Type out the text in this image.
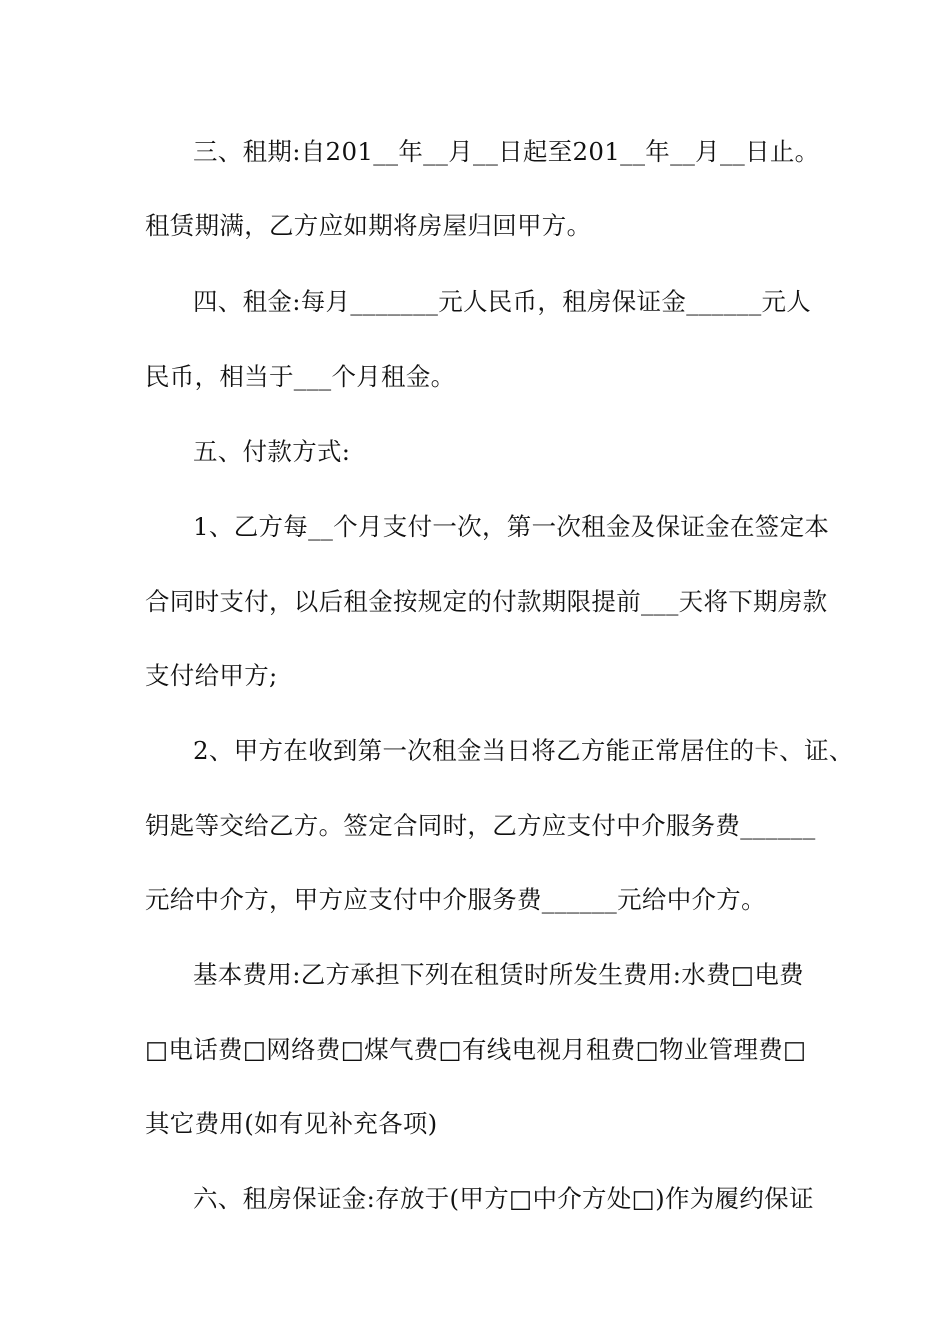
三、租期:自201__年__月__日起至201__年__月__日止。
租赁期满，乙方应如期将房屋归回甲方。
四、租金:每月_______元人民币，租房保证金______元人
民币，相当于___个月租金。
五、付款方式:
1、乙方每__个月支付一次，第一次租金及保证金在签定本
合同时支付，以后租金按规定的付款期限提前___天将下期房款
支付给甲方;
2、甲方在收到第一次租金当日将乙方能正常居住的卡、证、
钥匙等交给乙方。签定合同时，乙方应支付中介服务费______
元给中介方，甲方应支付中介服务费______元给中介方。
基本费用:乙方承担下列在租赁时所发生费用:水费□电费
□电话费□网络费□煤气费□有线电视月租费□物业管理费□
其它费用(如有见补充各项)
六、租房保证金:存放于(甲方□中介方处□)作为履约保证
